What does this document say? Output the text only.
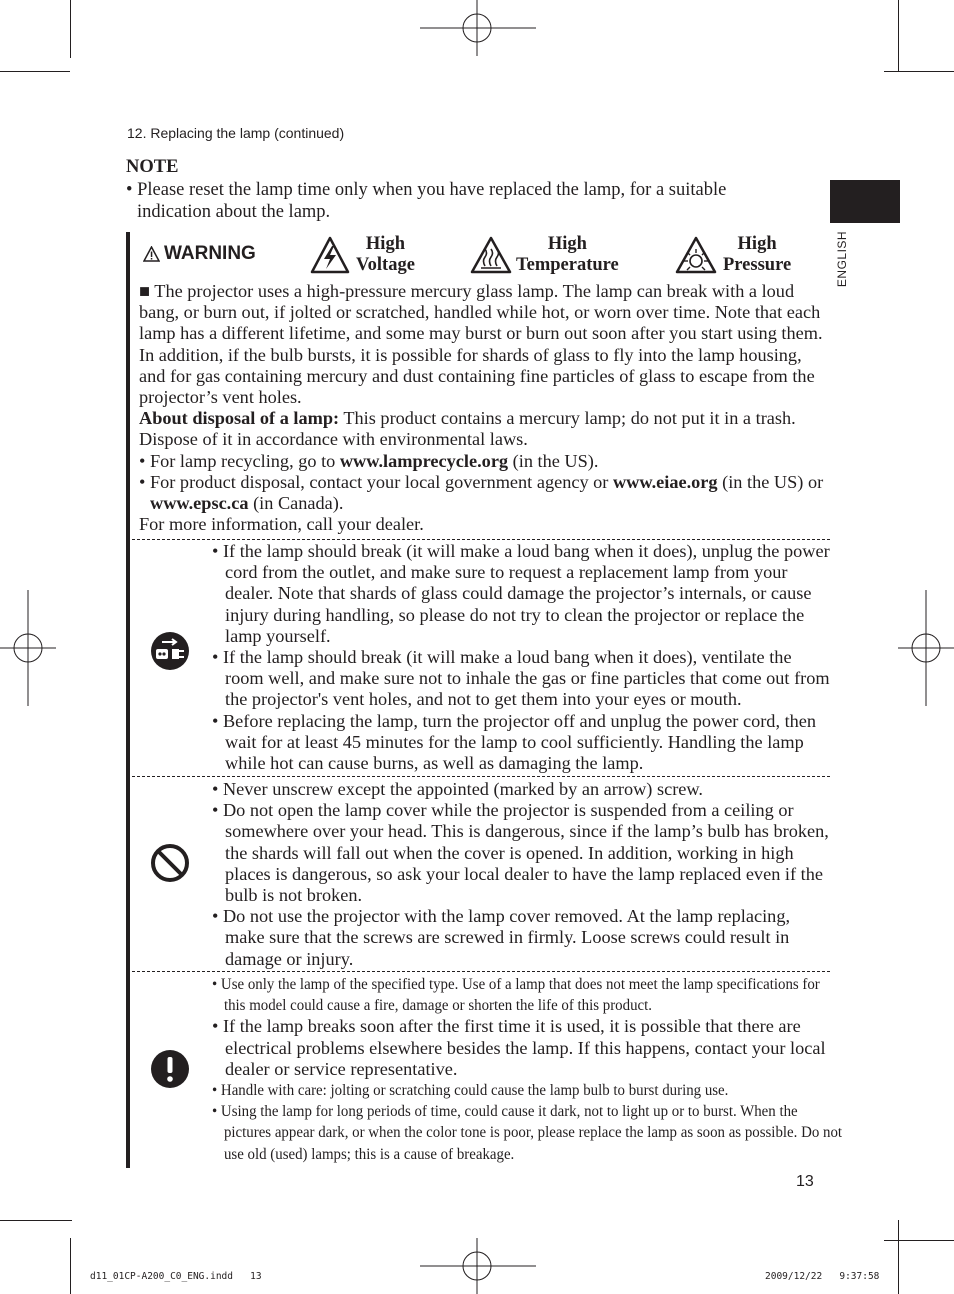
12. Replacing the lamp (continued)
NOTE
• Please reset the lamp time only when you have replaced the lamp, for a suitable indication about the lamp.
ENGLISH
WARNING	High
Voltage
High
Temperature
High
Pressure

■ The projector uses a high-pressure mercury glass lamp. The lamp can break with a loud bang, or burn out, if jolted or scratched, handled while hot, or worn over time. Note that each lamp has a different lifetime, and some may burst or burn out soon after you start using them. In addition, if the bulb bursts, it is possible for shards of glass to fly into the lamp housing, and for gas containing mercury and dust containing fine particles of glass to escape from the projector’s vent holes.

About disposal of a lamp: This product contains a mercury lamp; do not put it in a trash. Dispose of it in accordance with environmental laws.

• For lamp recycling, go to www.lamprecycle.org (in the US).

• For product disposal, contact your local government agency or www.eiae.org (in the US) or www.epsc.ca (in Canada).

For more information, call your dealer.

• If the lamp should break (it will make a loud bang when it does), unplug the power cord from the outlet, and make sure to request a replacement lamp from your dealer. Note that shards of glass could damage the projector’s internals, or cause injury during handling, so please do not try to clean the projector or replace the lamp yourself.

• If the lamp should break (it will make a loud bang when it does), ventilate the room well, and make sure not to inhale the gas or fine particles that come out from the projector's vent holes, and not to get them into your eyes or mouth.

• Before replacing the lamp, turn the projector off and unplug the power cord, then wait for at least 45 minutes for the lamp to cool sufficiently. Handling the lamp while hot can cause burns, as well as damaging the lamp.

• Never unscrew except the appointed (marked by an arrow) screw.

• Do not open the lamp cover while the projector is suspended from a ceiling or somewhere over your head. This is dangerous, since if the lamp’s bulb has broken, the shards will fall out when the cover is opened. In addition, working in high places is dangerous, so ask your local dealer to have the lamp replaced even if the bulb is not broken.

• Do not use the projector with the lamp cover removed. At the lamp replacing, make sure that the screws are screwed in firmly. Loose screws could result in damage or injury.

• Use only the lamp of the specified type. Use of a lamp that does not meet the lamp specifications for this model could cause a fire, damage or shorten the life of this product.

• If the lamp breaks soon after the first time it is used, it is possible that there are electrical problems elsewhere besides the lamp. If this happens, contact your local dealer or service representative.

• Handle with care: jolting or scratching could cause the lamp bulb to burst during use.

• Using the lamp for long periods of time, could cause it dark, not to light up or to burst. When the pictures appear dark, or when the color tone is poor, please replace the lamp as soon as possible. Do not use old (used) lamps; this is a cause of breakage.

13
d11_01CP-A200_C0_ENG.indd   13	2009/12/22   9:37:58
